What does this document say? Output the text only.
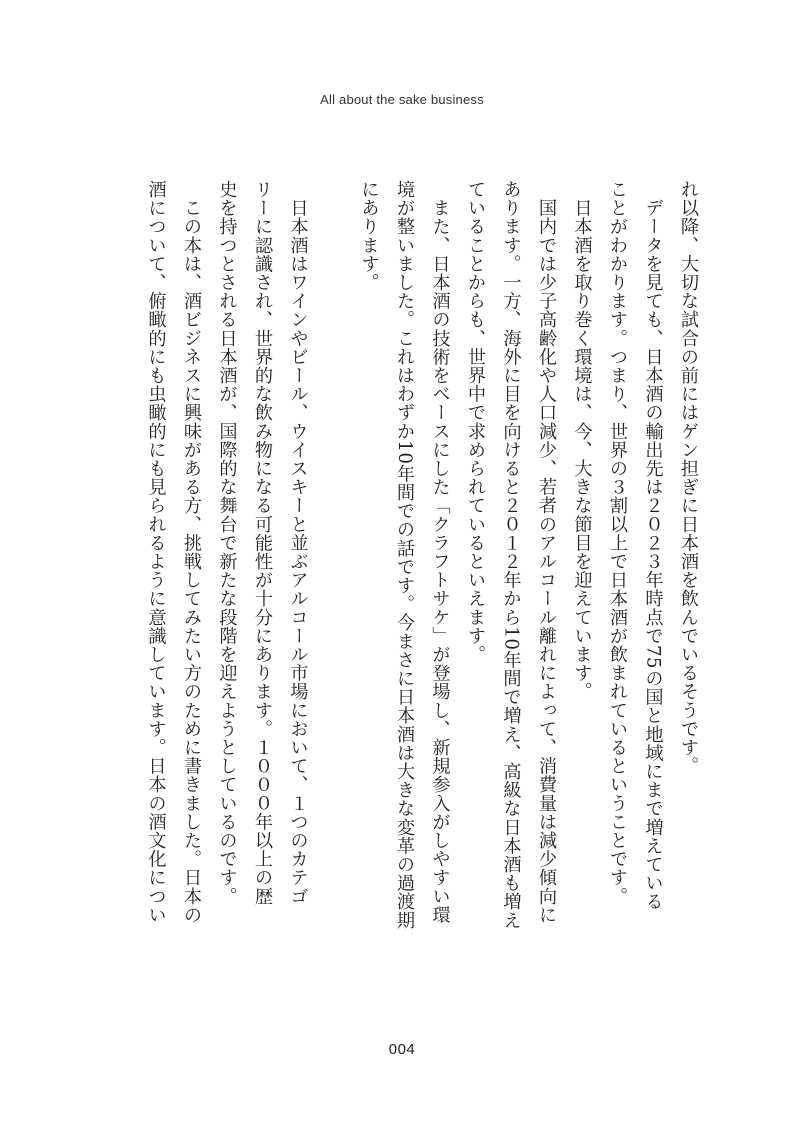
All about the sake business
れ以降、大切な試合の前にはゲン担ぎに日本酒を飲んでいるそうです。
　データを見ても、日本酒の輸出先は２０２３年時点で75の国と地域にまで増えている
ことがわかります。つまり、世界の３割以上で日本酒が飲まれているということです。
　日本酒を取り巻く環境は、今、大きな節目を迎えています。
　国内では少子高齢化や人口減少、若者のアルコール離れによって、消費量は減少傾向に
あります。一方、海外に目を向けると２０１２年から10年間で増え、高級な日本酒も増え
ていることからも、世界中で求められているといえます。
　また、日本酒の技術をベースにした「クラフトサケ」が登場し、新規参入がしやすい環
境が整いました。これはわずか10年間での話です。今まさに日本酒は大きな変革の過渡期
にあります。
　日本酒はワインやビール、ウイスキーと並ぶアルコール市場において、１つのカテゴ
リーに認識され、世界的な飲み物になる可能性が十分にあります。１０００年以上の歴
史を持つとされる日本酒が、国際的な舞台で新たな段階を迎えようとしているのです。
　この本は、酒ビジネスに興味がある方、挑戦してみたい方のために書きました。日本の
酒について、俯瞰的にも虫瞰的にも見られるように意識しています。日本の酒文化につい
004
